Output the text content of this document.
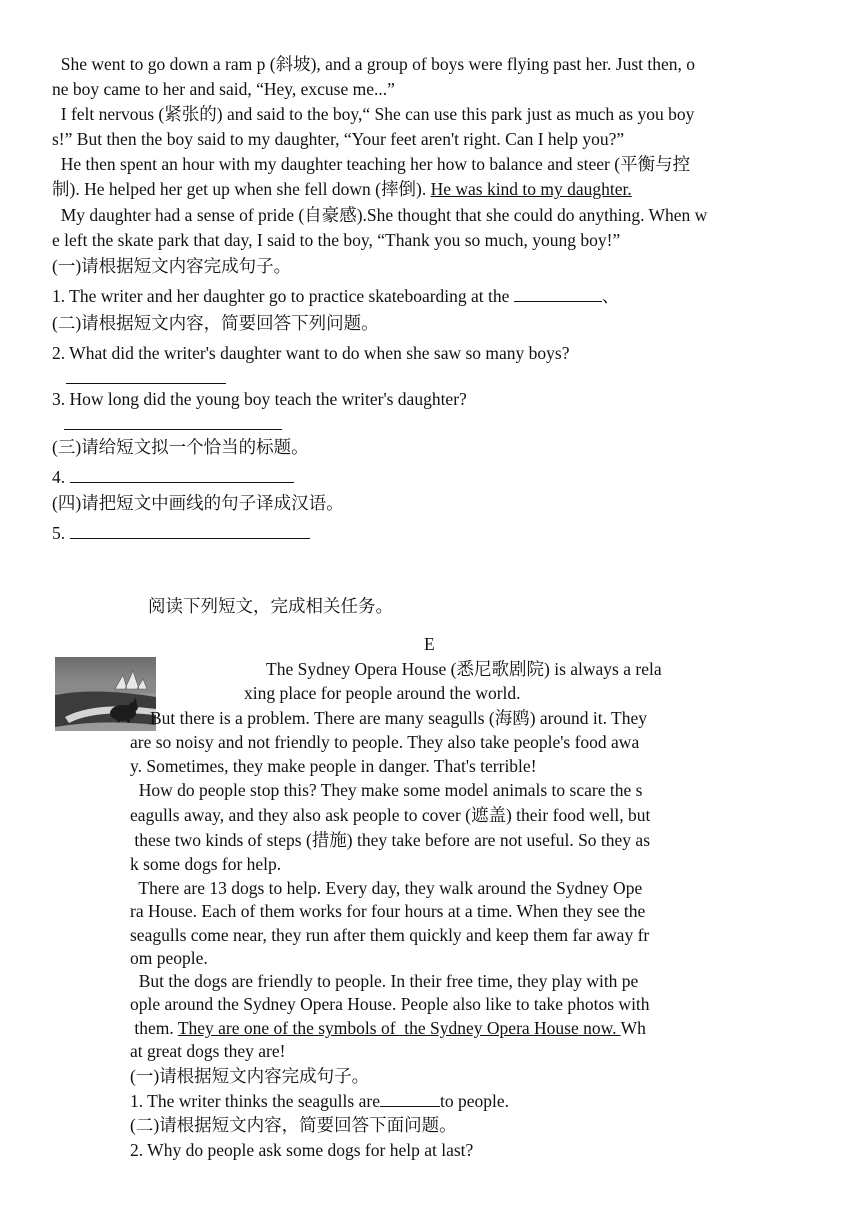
She went to go down a ram p (斜坡), and a group of boys were flying past her. Just then, o
ne boy came to her and said, “Hey, excuse me...”
I felt nervous (紧张的) and said to the boy,“ She can use this park just as much as you boy
s!” But then the boy said to my daughter, “Your feet aren't right. Can I help you?”
He then spent an hour with my daughter teaching her how to balance and steer (平衡与控
制). He helped her get up when she fell down (摔倒). He was kind to my daughter.
My daughter had a sense of pride (自豪感).She thought that she could do anything. When w
e left the skate park that day, I said to the boy, “Thank you so much, young boy!”
(一)请根据短文内容完成句子。
1. The writer and her daughter go to practice skateboarding at the	、
(二)请根据短文内容，简要回答下列问题。
2. What did the writer's daughter want to do when she saw so many boys?
3. How long did the young boy teach the writer's daughter?
(三)请给短文拟一个恰当的标题。
4.
(四)请把短文中画线的句子译成汉语。
5.
阅读下列短文，完成相关任务。
E
The Sydney Opera House (悉尼歌剧院) is always a rela
xing place for people around the world.
But there is a problem. There are many seagulls (海鸥) around it. They
are so noisy and not friendly to people. They also take people's food awa
y. Sometimes, they make people in danger. That's terrible!
How do people stop this? They make some model animals to scare the s
eagulls away, and they also ask people to cover (遮盖) their food well, but
these two kinds of steps (措施) they take before are not useful. So they as
k some dogs for help.
There are 13 dogs to help. Every day, they walk around the Sydney Ope
ra House. Each of them works for four hours at a time. When they see the
seagulls come near, they run after them quickly and keep them far away fr
om people.
But the dogs are friendly to people. In their free time, they play with pe
ople around the Sydney Opera House. People also like to take photos with
them. They are one of the symbols of  the Sydney Opera House now. Wh
at great dogs they are!
(一)请根据短文内容完成句子。
1. The writer thinks the seagulls are	to people.
(二)请根据短文内容，简要回答下面问题。
2. Why do people ask some dogs for help at last?
